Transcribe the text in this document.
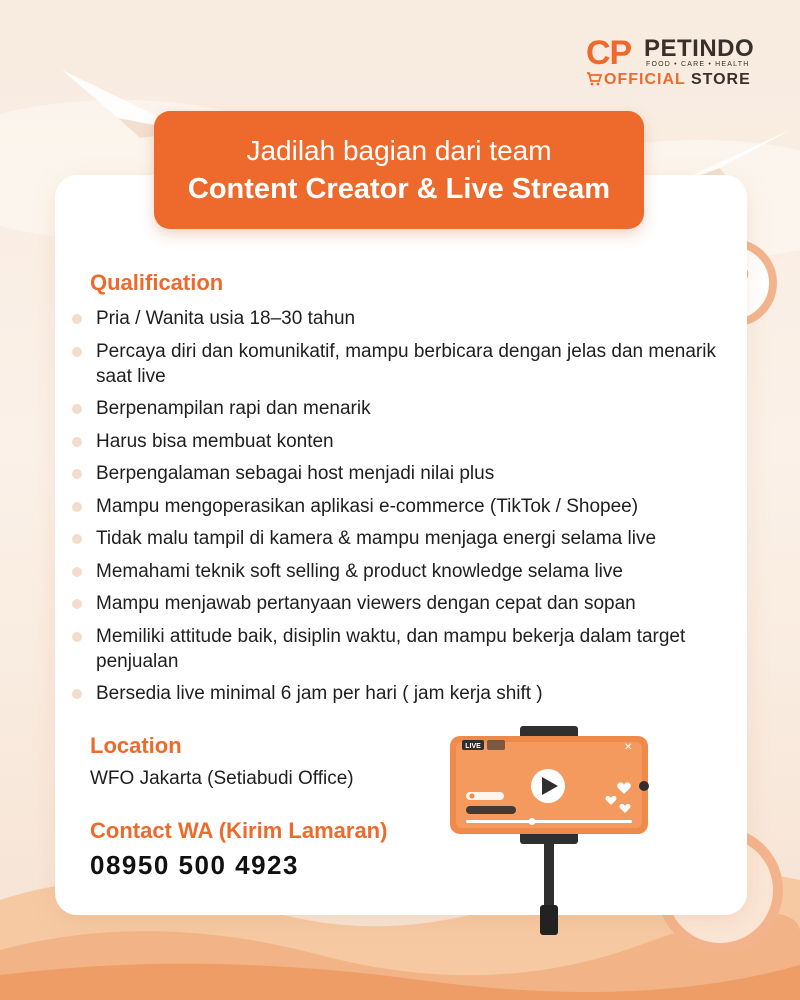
CP PETINDO
FOOD • CARE • HEALTH
OFFICIAL STORE
Jadilah bagian dari team
Content Creator & Live Stream
Qualification
Pria / Wanita usia 18–30 tahun
Percaya diri dan komunikatif, mampu berbicara dengan jelas dan menarik saat live
Berpenampilan rapi dan menarik
Harus bisa membuat konten
Berpengalaman sebagai host menjadi nilai plus
Mampu mengoperasikan aplikasi e-commerce (TikTok / Shopee)
Tidak malu tampil di kamera & mampu menjaga energi selama live
Memahami teknik soft selling & product knowledge selama live
Mampu menjawab pertanyaan viewers dengan cepat dan sopan
Memiliki attitude baik, disiplin waktu, dan mampu bekerja dalam target penjualan
Bersedia live minimal 6 jam per hari ( jam kerja shift )
Location
WFO Jakarta (Setiabudi Office)
Contact WA (Kirim Lamaran)
08950 500 4923
LIVE	✕
